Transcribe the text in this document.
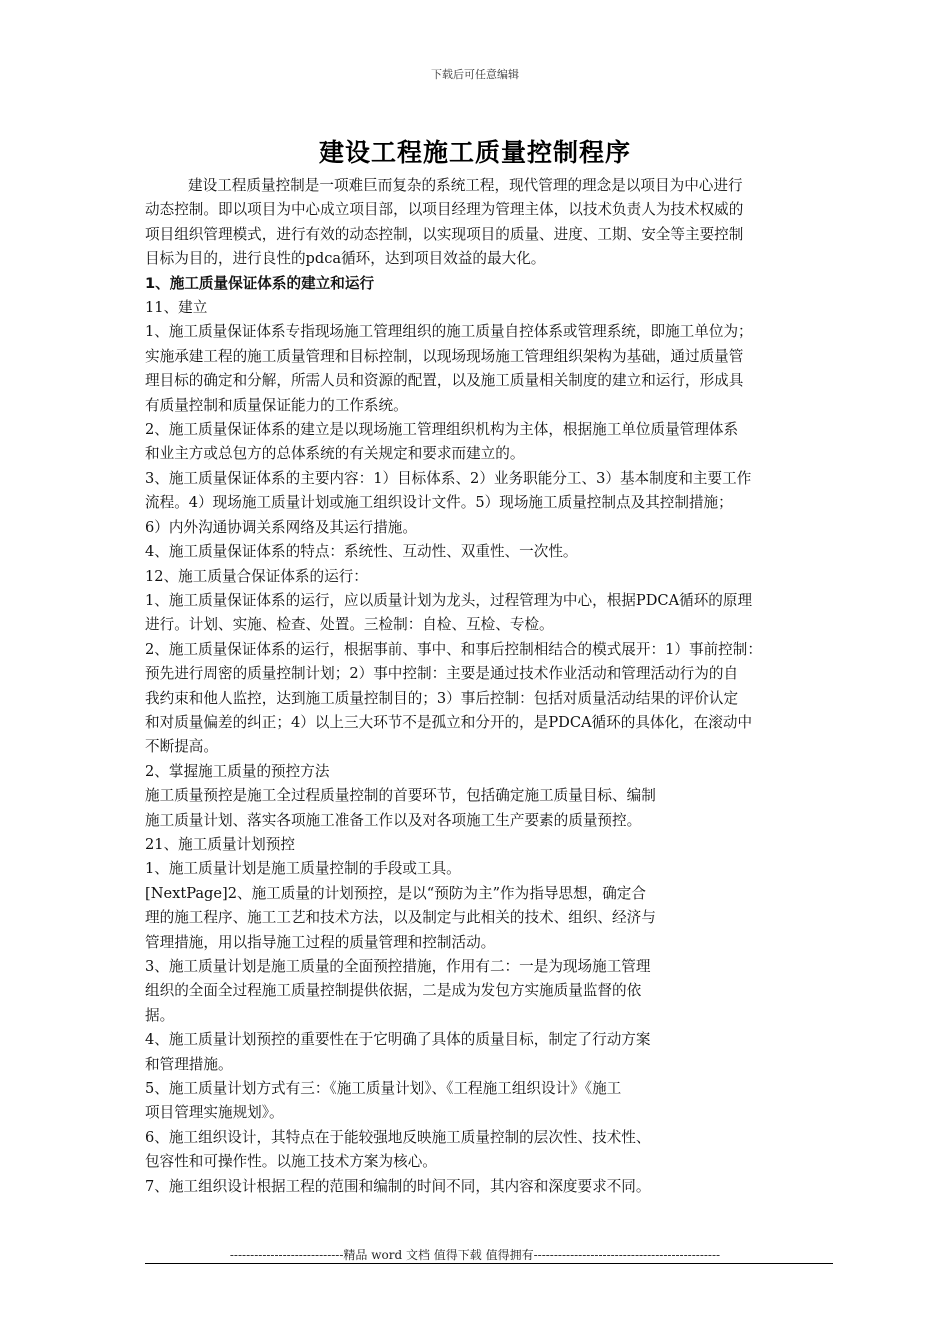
下载后可任意编辑
建设工程施工质量控制程序

建设工程质量控制是一项难巨而复杂的系统工程，现代管理的理念是以项目为中心进行

动态控制。即以项目为中心成立项目部，以项目经理为管理主体，以技术负责人为技术权威的

项目组织管理模式，进行有效的动态控制，以实现项目的质量、进度、工期、安全等主要控制

目标为目的，进行良性的pdca循环，达到项目效益的最大化。

1、施工质量保证体系的建立和运行

11、建立

1、施工质量保证体系专指现场施工管理组织的施工质量自控体系或管理系统，即施工单位为；

实施承建工程的施工质量管理和目标控制，以现场现场施工管理组织架构为基础，通过质量管

理目标的确定和分解，所需人员和资源的配置，以及施工质量相关制度的建立和运行，形成具

有质量控制和质量保证能力的工作系统。

2、施工质量保证体系的建立是以现场施工管理组织机构为主体，根据施工单位质量管理体系

和业主方或总包方的总体系统的有关规定和要求而建立的。

3、施工质量保证体系的主要内容：1）目标体系、2）业务职能分工、3）基本制度和主要工作

流程。4）现场施工质量计划或施工组织设计文件。5）现场施工质量控制点及其控制措施；

6）内外沟通协调关系网络及其运行措施。

4、施工质量保证体系的特点：系统性、互动性、双重性、一次性。

12、施工质量合保证体系的运行：

1、施工质量保证体系的运行，应以质量计划为龙头，过程管理为中心，根据PDCA循环的原理

进行。计划、实施、检查、处置。三检制：自检、互检、专检。

2、施工质量保证体系的运行，根据事前、事中、和事后控制相结合的模式展开：1）事前控制：

预先进行周密的质量控制计划；2）事中控制：主要是通过技术作业活动和管理活动行为的自

我约束和他人监控，达到施工质量控制目的；3）事后控制：包括对质量活动结果的评价认定

和对质量偏差的纠正；4）以上三大环节不是孤立和分开的，是PDCA循环的具体化，在滚动中

不断提高。

2、掌握施工质量的预控方法

施工质量预控是施工全过程质量控制的首要环节，包括确定施工质量目标、编制

施工质量计划、落实各项施工准备工作以及对各项施工生产要素的质量预控。

21、施工质量计划预控

1、施工质量计划是施工质量控制的手段或工具。

[NextPage]2、施工质量的计划预控，是以“预防为主”作为指导思想，确定合

理的施工程序、施工工艺和技术方法，以及制定与此相关的技术、组织、经济与

管理措施，用以指导施工过程的质量管理和控制活动。

3、施工质量计划是施工质量的全面预控措施，作用有二：一是为现场施工管理

组织的全面全过程施工质量控制提供依据，二是成为发包方实施质量监督的依

据。

4、施工质量计划预控的重要性在于它明确了具体的质量目标，制定了行动方案

和管理措施。

5、施工质量计划方式有三：《施工质量计划》、《工程施工组织设计》《施工

项目管理实施规划》。

6、施工组织设计，其特点在于能较强地反映施工质量控制的层次性、技术性、

包容性和可操作性。以施工技术方案为核心。

7、施工组织设计根据工程的范围和编制的时间不同，其内容和深度要求不同。

----------------------------精品 word 文档 值得下载 值得拥有----------------------------------------------
